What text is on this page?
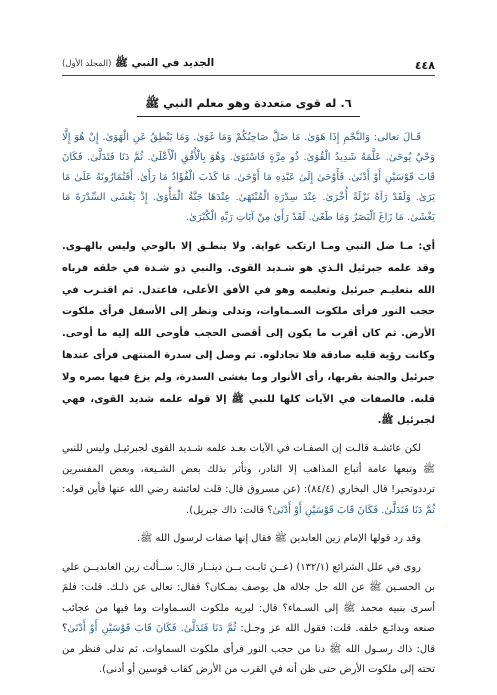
٤٤٨
الجديد في النبي ﷺ (المجلد الأول)
٦. له قوى متعددة وهو معلم النبي ﷺ

قَـالَ تعالى: وَالنَّجْمِ إِذَا هَوَىٰ. مَا ضَلَّ صَاحِبُكُمْ وَمَا غَوَىٰ. وَمَا يَنْطِقُ عَنِ الْهَوَىٰ. إِنْ هُوَ إِلَّا وَحْيٌ يُوحَىٰ. عَلَّمَهُ شَدِيدُ الْقُوَىٰ. ذُو مِرَّةٍ فَاسْتَوَىٰ. وَهُوَ بِالْأُفُقِ الْأَعْلَىٰ. ثُمَّ دَنَا فَتَدَلَّىٰ. فَكَانَ قَابَ قَوْسَيْنِ أَوْ أَدْنَىٰ. فَأَوْحَىٰ إِلَىٰ عَبْدِهِ مَا أَوْحَىٰ. مَا كَذَبَ الْفُؤَادُ مَا رَأَىٰ. أَفَتُمَارُونَهُ عَلَىٰ مَا يَرَىٰ. وَلَقَدْ رَآهُ نَزْلَةً أُخْرَىٰ. عِنْدَ سِدْرَةِ الْمُنْتَهَىٰ. عِنْدَهَا جَنَّةُ الْمَأْوَىٰ. إِذْ يَغْشَى السِّدْرَةَ مَا يَغْشَىٰ. مَا زَاغَ الْبَصَرُ وَمَا طَغَىٰ. لَقَدْ رَأَىٰ مِنْ آيَاتِ رَبِّهِ الْكُبْرَىٰ.

أي: مـا ضل النبي ومـا ارتكب غواية. ولا ينطـق إلا بالوحي وليس بالهـوى. وقد علمه جبرئيل الـذي هو شـديد القوى. والنبي ذو شـدة في خلقه فرباه الله بتعليـم جبرئيل وتعليمه وهو في الأفق الأعلى، فاعتدل. ثم اقتـرب في حجب النور فرأى ملكوت السـماوات، وتدلى ونظر إلى الأسفل فرأى ملكوت الأرض. ثم كان أقرب ما يكون إلى أقصى الحجب فأوحى الله إليه ما أوحى. وكانت رؤية قلبه صادقة فلا تجادلوه. ثم وصل إلى سدرة المنتهى فرأى عندها جبرئيل والجنة بقربها، رأى الأنوار وما يغشى السدرة، ولم يزغ فيها بصره ولا قلبه. فالصفات في الآيات كلها للنبي ﷺ إلا قوله علمه شديد القوى، فهي لجبرئيل ﷺ.

لكن عائشـة قالـت إن الصفـات في الآيات بعـد علمه شـديد القوى لجبرئيـل وليس للنبي ﷺ وتبعها عامة أتباع المذاهب إلا النادر، وتأثر بذلك بعض الشـيعة، وبعض المفسرين ترددوتحير! قال البخاري (٨٤/٤): (عن مسروق قال: قلت لعائشة رضي الله عنها فأين قوله: ثُمَّ دَنَا فَتَدَلَّىٰ. فَكَانَ قَابَ قَوْسَيْنِ أَوْ أَدْنَىٰ؟ قالت: ذاك جبريل).

وقد رد قولها الإمام زين العابدين ﷺ فقال إنها صفات لرسول الله ﷺ.

روى في علل الشرائع (١٣٢/١) (عــن ثابـت بــن دينــار قال: ســألت زين العابديــن علي بن الحسـين ﷺ عن الله جل جلاله هل يوصف بمـكان؟ فقال: تعالى عن ذلـك. قلت: فلمَ أسرى بنبيه محمد ﷺ إلى السـماء؟ قال: ليريه ملكوت السـماوات وما فيها من عجائب صنعه وبدائـع خلقه. قلت: فقول الله عز وجـل: ثُمَّ دَنَا فَتَدَلَّىٰ. فَكَانَ قَابَ قَوْسَيْنِ أَوْ أَدْنَىٰ؟ قال: ذاك رسـول الله ﷺ دنا من حجب النور فرأى ملكوت السماوات، ثم تدلى فنظر من تحته إلى ملكوت الأرض حتى ظن أنه في القرب من الأرض كقاب قوسين أو أدنى).
